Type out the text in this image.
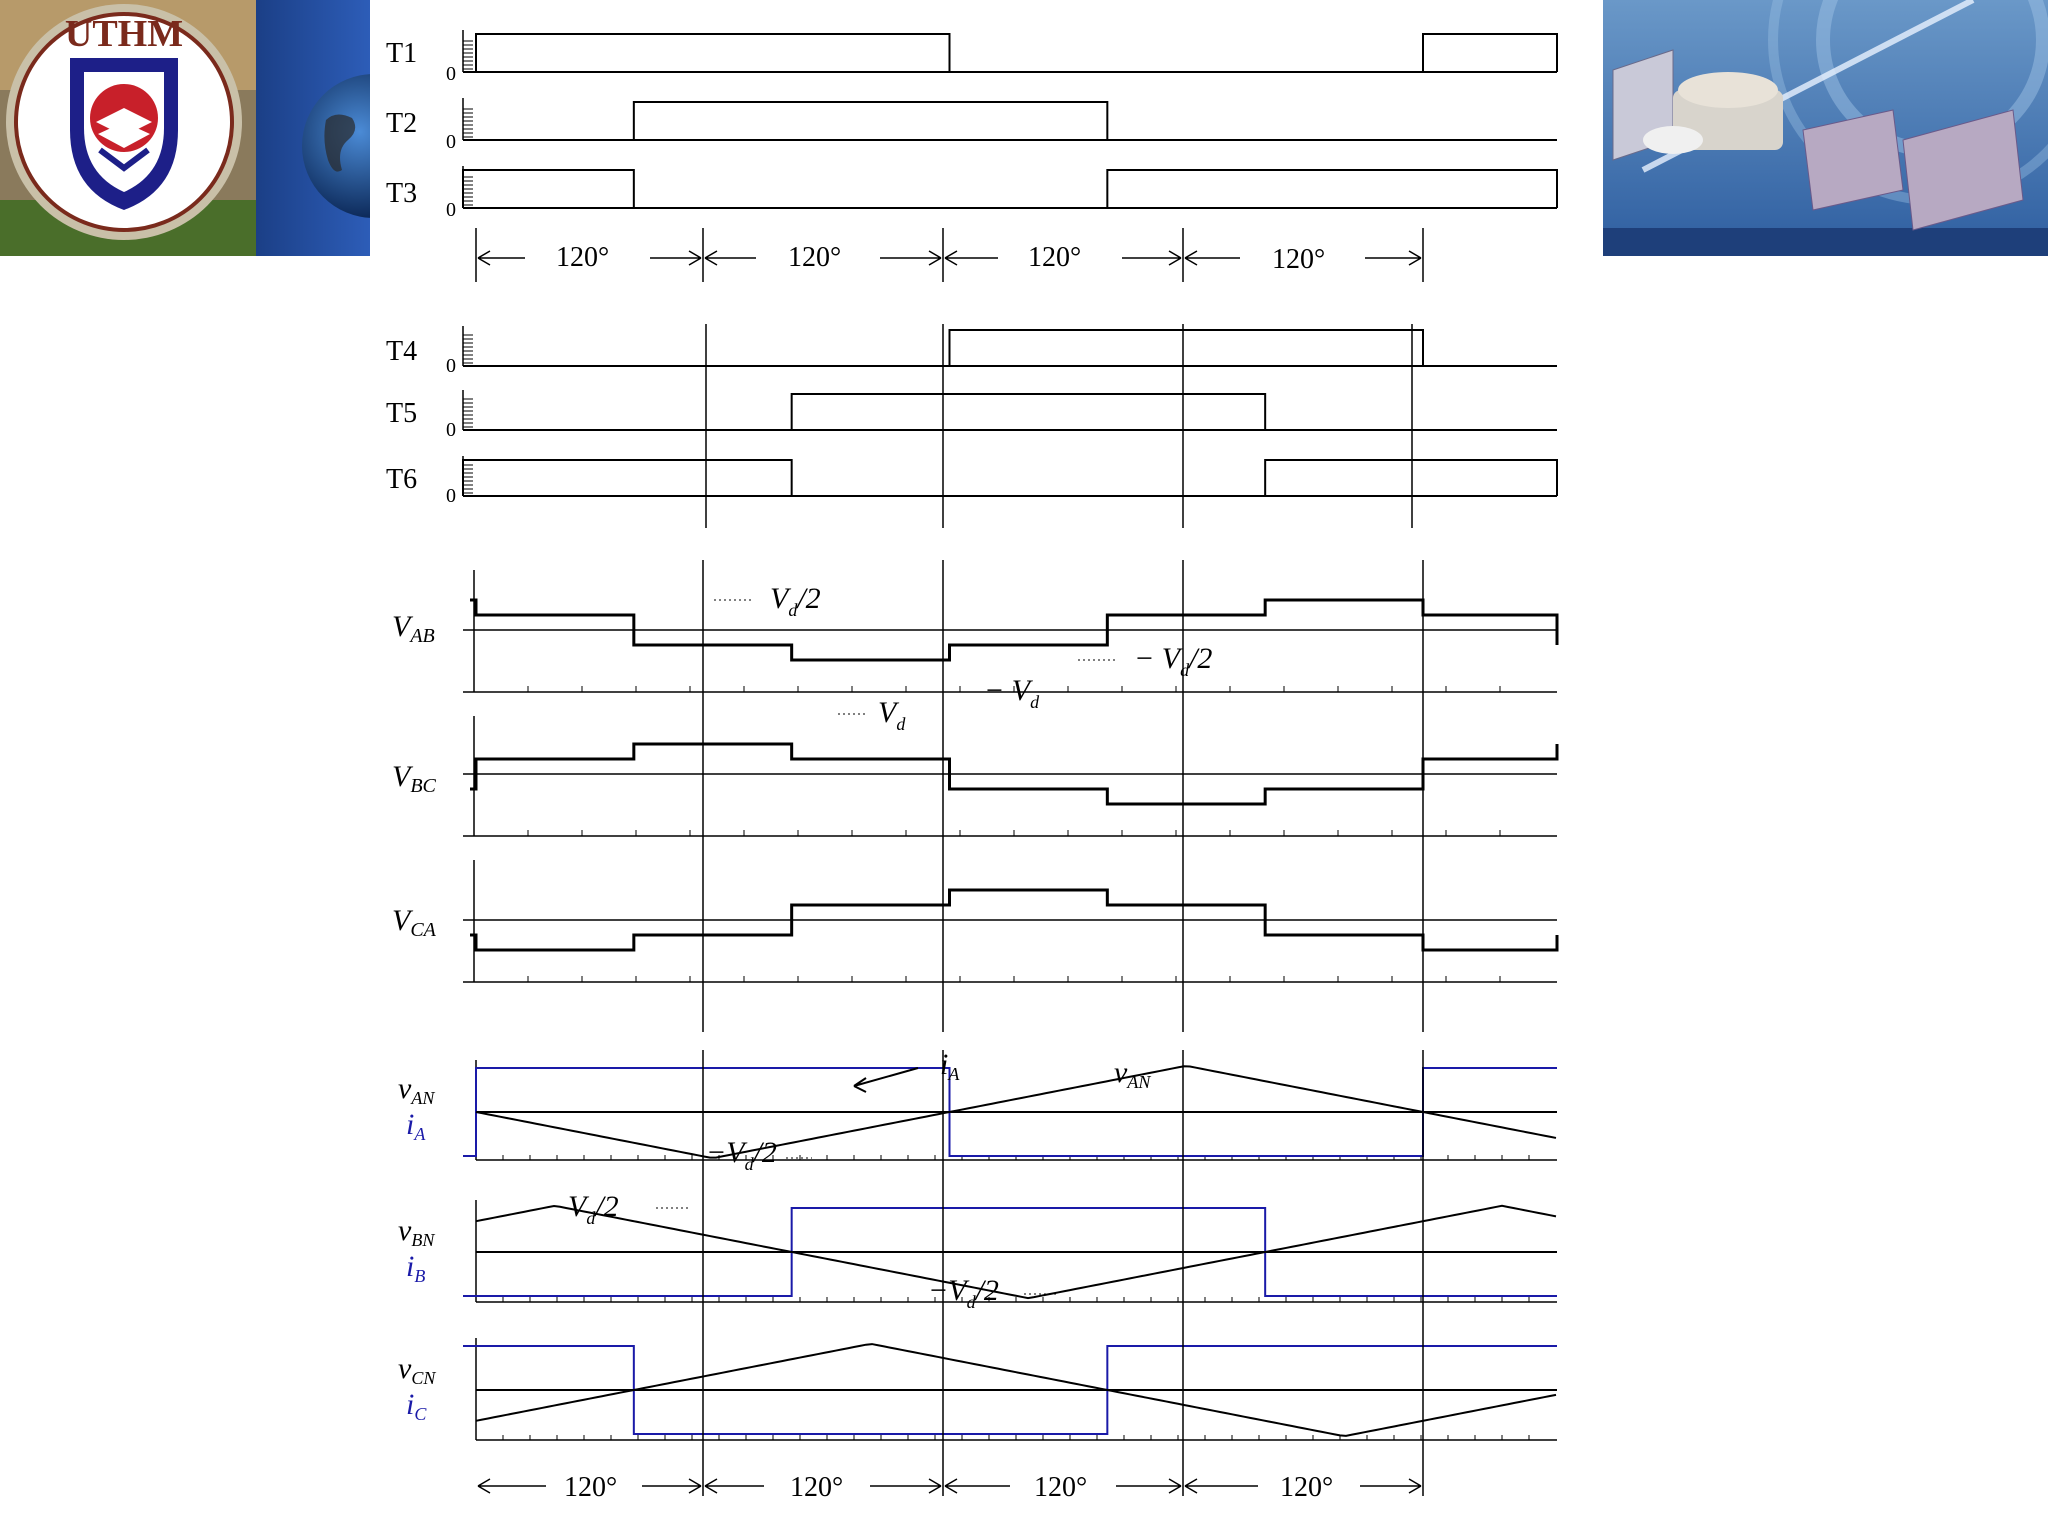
UTHM	T1
T2
T3
T4
T5
T6
0
0
0
0
0
0
120°	120°	120°	120°
$V_{AB}$
$V_{BC}$
$V_{CA}$
$V_d/2$
− $V_d/2$
− $V_d$
$V_d$
$v_{AN}$
$i_A$
$v_{BN}$
$i_B$
$v_{CN}$
$i_C$
$i_A$	$v_{AN}$
$-V_d/2$
$V_d/2$
$-V_d/2$
120°	120°	120°	120°
